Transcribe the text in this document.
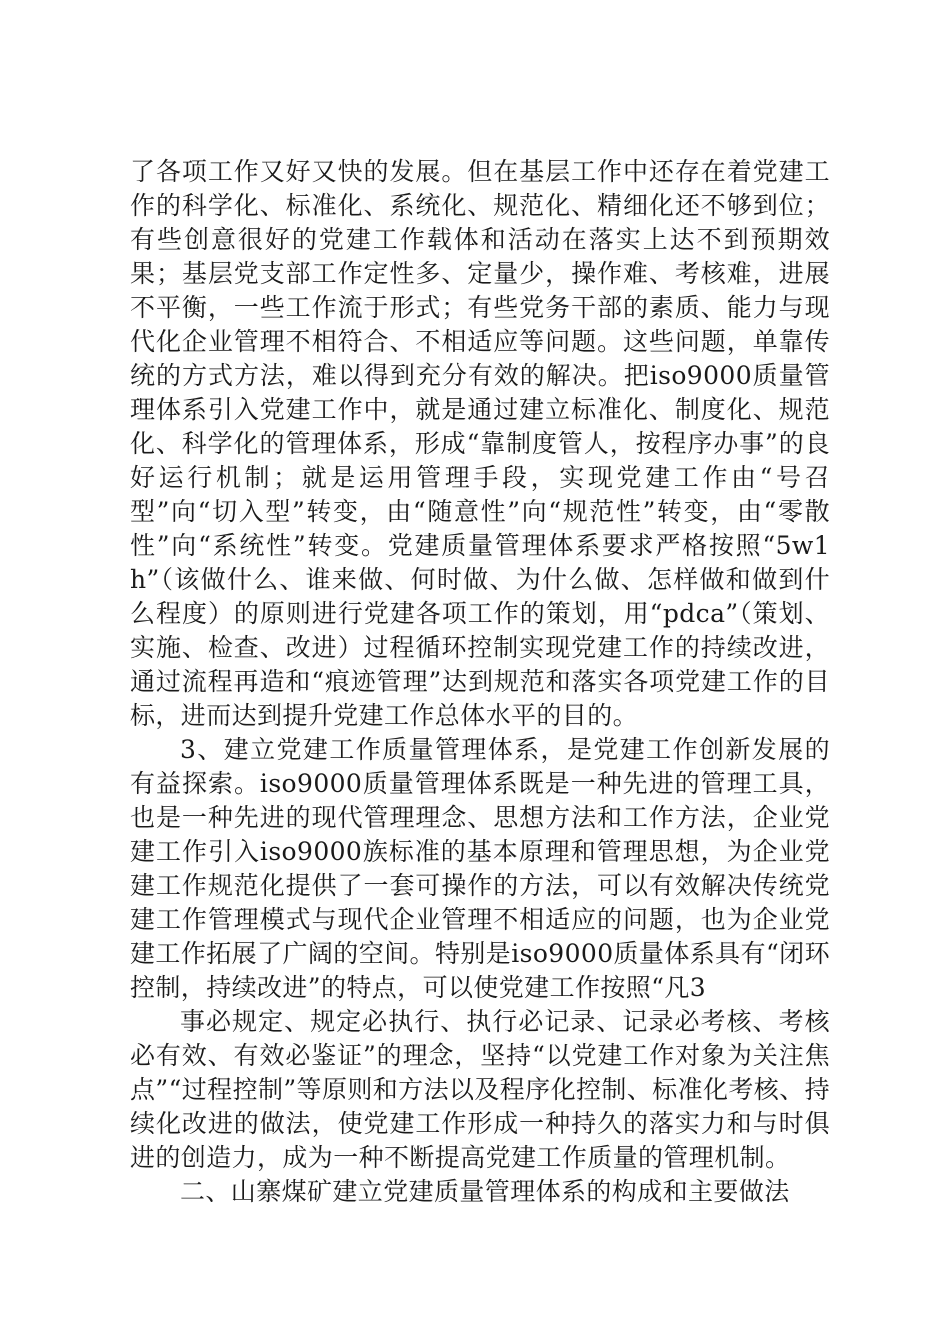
了各项工作又好又快的发展。但在基层工作中还存在着党建工作的科学化、标准化、系统化、规范化、精细化还不够到位；有些创意很好的党建工作载体和活动在落实上达不到预期效果；基层党支部工作定性多、定量少，操作难、考核难，进展不平衡，一些工作流于形式；有些党务干部的素质、能力与现代化企业管理不相符合、不相适应等问题。这些问题，单靠传统的方式方法，难以得到充分有效的解决。把iso9000质量管理体系引入党建工作中，就是通过建立标准化、制度化、规范化、科学化的管理体系，形成“靠制度管人，按程序办事”的良好运行机制；就是运用管理手段，实现党建工作由“号召型”向“切入型”转变，由“随意性”向“规范性”转变，由“零散性”向“系统性”转变。党建质量管理体系要求严格按照“5w1h”（该做什么、谁来做、何时做、为什么做、怎样做和做到什么程度）的原则进行党建各项工作的策划，用“pdca”（策划、实施、检查、改进）过程循环控制实现党建工作的持续改进，通过流程再造和“痕迹管理”达到规范和落实各项党建工作的目标，进而达到提升党建工作总体水平的目的。

3、建立党建工作质量管理体系，是党建工作创新发展的有益探索。iso9000质量管理体系既是一种先进的管理工具，也是一种先进的现代管理理念、思想方法和工作方法，企业党建工作引入iso9000族标准的基本原理和管理思想，为企业党建工作规范化提供了一套可操作的方法，可以有效解决传统党建工作管理模式与现代企业管理不相适应的问题，也为企业党建工作拓展了广阔的空间。特别是iso9000质量体系具有“闭环控制，持续改进”的特点，可以使党建工作按照“凡3

事必规定、规定必执行、执行必记录、记录必考核、考核必有效、有效必鉴证”的理念，坚持“以党建工作对象为关注焦点”“过程控制”等原则和方法以及程序化控制、标准化考核、持续化改进的做法，使党建工作形成一种持久的落实力和与时俱进的创造力，成为一种不断提高党建工作质量的管理机制。

二、山寨煤矿建立党建质量管理体系的构成和主要做法
